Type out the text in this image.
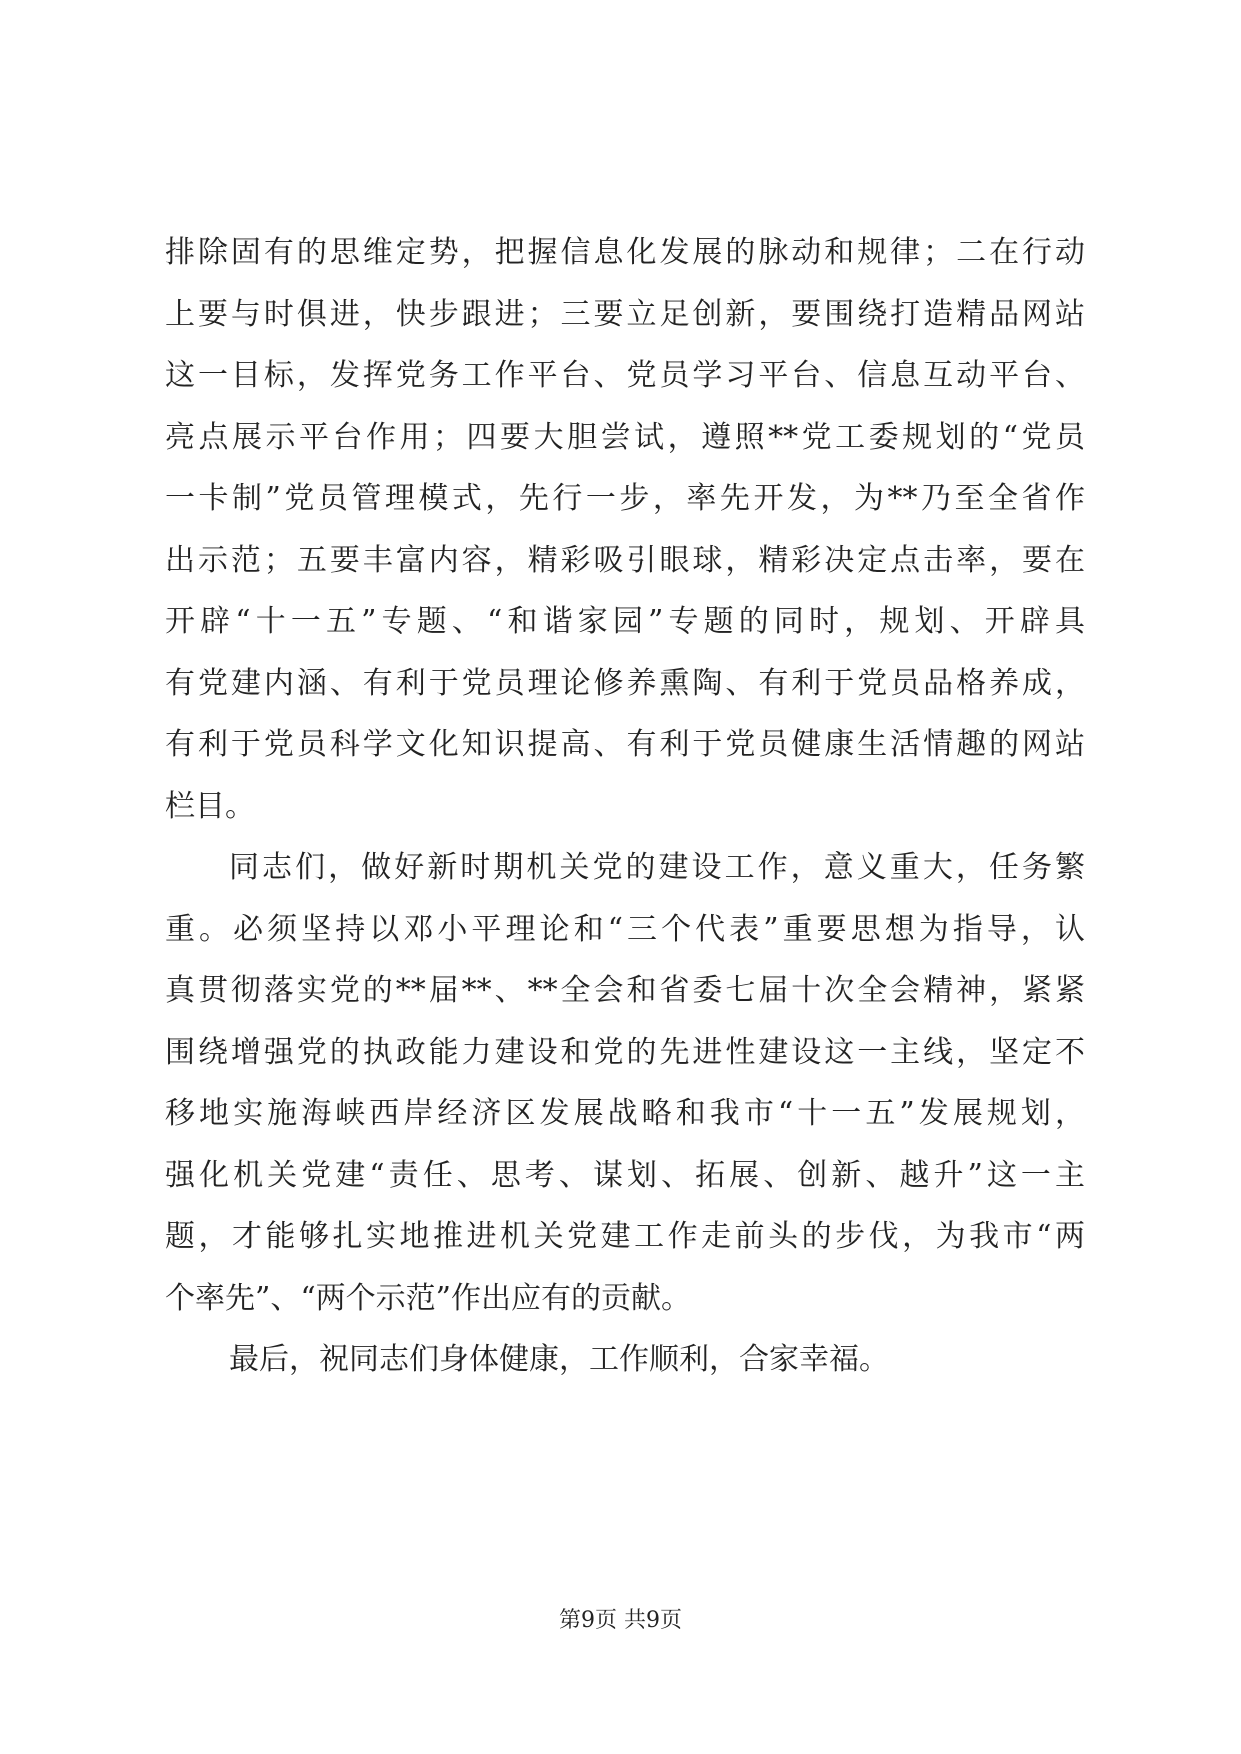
排除固有的思维定势，把握信息化发展的脉动和规律；二在行动
上要与时俱进，快步跟进；三要立足创新，要围绕打造精品网站
这一目标，发挥党务工作平台、党员学习平台、信息互动平台、
亮点展示平台作用；四要大胆尝试，遵照**党工委规划的“党员
一卡制”党员管理模式，先行一步，率先开发，为**乃至全省作
出示范；五要丰富内容，精彩吸引眼球，精彩决定点击率，要在
开辟“十一五”专题、“和谐家园”专题的同时，规划、开辟具
有党建内涵、有利于党员理论修养熏陶、有利于党员品格养成，
有利于党员科学文化知识提高、有利于党员健康生活情趣的网站
栏目。
同志们，做好新时期机关党的建设工作，意义重大，任务繁
重。必须坚持以邓小平理论和“三个代表”重要思想为指导，认
真贯彻落实党的**届**、**全会和省委七届十次全会精神，紧紧
围绕增强党的执政能力建设和党的先进性建设这一主线，坚定不
移地实施海峡西岸经济区发展战略和我市“十一五”发展规划，
强化机关党建“责任、思考、谋划、拓展、创新、越升”这一主
题，才能够扎实地推进机关党建工作走前头的步伐，为我市“两
个率先”、“两个示范”作出应有的贡献。
最后，祝同志们身体健康，工作顺利，合家幸福。
第9页 共9页
